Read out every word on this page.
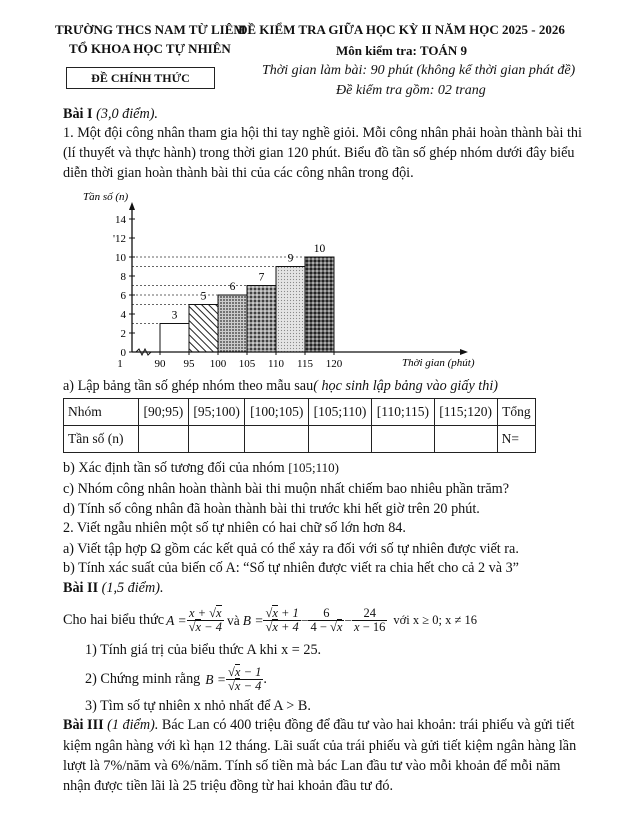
TRƯỜNG THCS NAM TỪ LIÊM
TỔ KHOA HỌC TỰ NHIÊN
ĐỀ CHÍNH THỨC
ĐỀ KIỂM TRA GIỮA HỌC KỲ II NĂM HỌC 2025 - 2026
Môn kiểm tra: TOÁN 9
Thời gian làm bài: 90 phút (không kể thời gian phát đề)
Đề kiểm tra gồm: 02 trang
Bài I (3,0 điểm).
1. Một đội công nhân tham gia hội thi tay nghề giỏi. Mỗi công nhân phải hoàn thành bài thi
(lí thuyết và thực hành) trong thời gian 120 phút. Biểu đồ tần số ghép nhóm dưới đây biểu
diễn thời gian hoàn thành bài thi của các công nhân trong đội.
3
5
6
7
9
10
0
2
4
6
8
10
'12
14
1	90 95 100 105 110 115 120
Tần số (n)
Thời gian (phút)
a) Lập bảng tần số ghép nhóm theo mẫu sau( học sinh lập bảng vào giấy thi)
Nhóm	[90;95)	[95;100)	[100;105)	[105;110)	[110;115)	[115;120)	Tổng
Tần số (n)							N=
b) Xác định tần số tương đối của nhóm [105;110)
c) Nhóm công nhân hoàn thành bài thi muộn nhất chiếm bao nhiêu phần trăm?
d) Tính số công nhân đã hoàn thành bài thi trước khi hết giờ trên 20 phút.
2. Viết ngẫu nhiên một số tự nhiên có hai chữ số lớn hơn 84.
a) Viết tập hợp Ω gồm các kết quả có thể xảy ra đối với số tự nhiên được viết ra.
b) Tính xác suất của biến cố A: “Số tự nhiên được viết ra chia hết cho cả 2 và 3”
Bài II (1,5 điểm).
Cho hai biểu thức $A = \frac{x + √x}{√x - 4}$ và $B = \frac{√x + 1}{√x + 4} - \frac{6}{4 - √x} - \frac{24}{x - 16}$ với x ≥ 0; x ≠ 16
1) Tính giá trị của biểu thức A khi x = 25.
2) Chứng minh rằng $B = \frac{√x - 1}{√x - 4}$ .
3) Tìm số tự nhiên x nhỏ nhất để A > B.
Bài III (1 điểm). Bác Lan có 400 triệu đồng để đầu tư vào hai khoản: trái phiếu và gửi tiết
kiệm ngân hàng với kì hạn 12 tháng. Lãi suất của trái phiếu và gửi tiết kiệm ngân hàng lần
lượt là 7%/năm và 6%/năm. Tính số tiền mà bác Lan đầu tư vào mỗi khoản để mỗi năm
nhận được tiền lãi là 25 triệu đồng từ hai khoản đầu tư đó.
